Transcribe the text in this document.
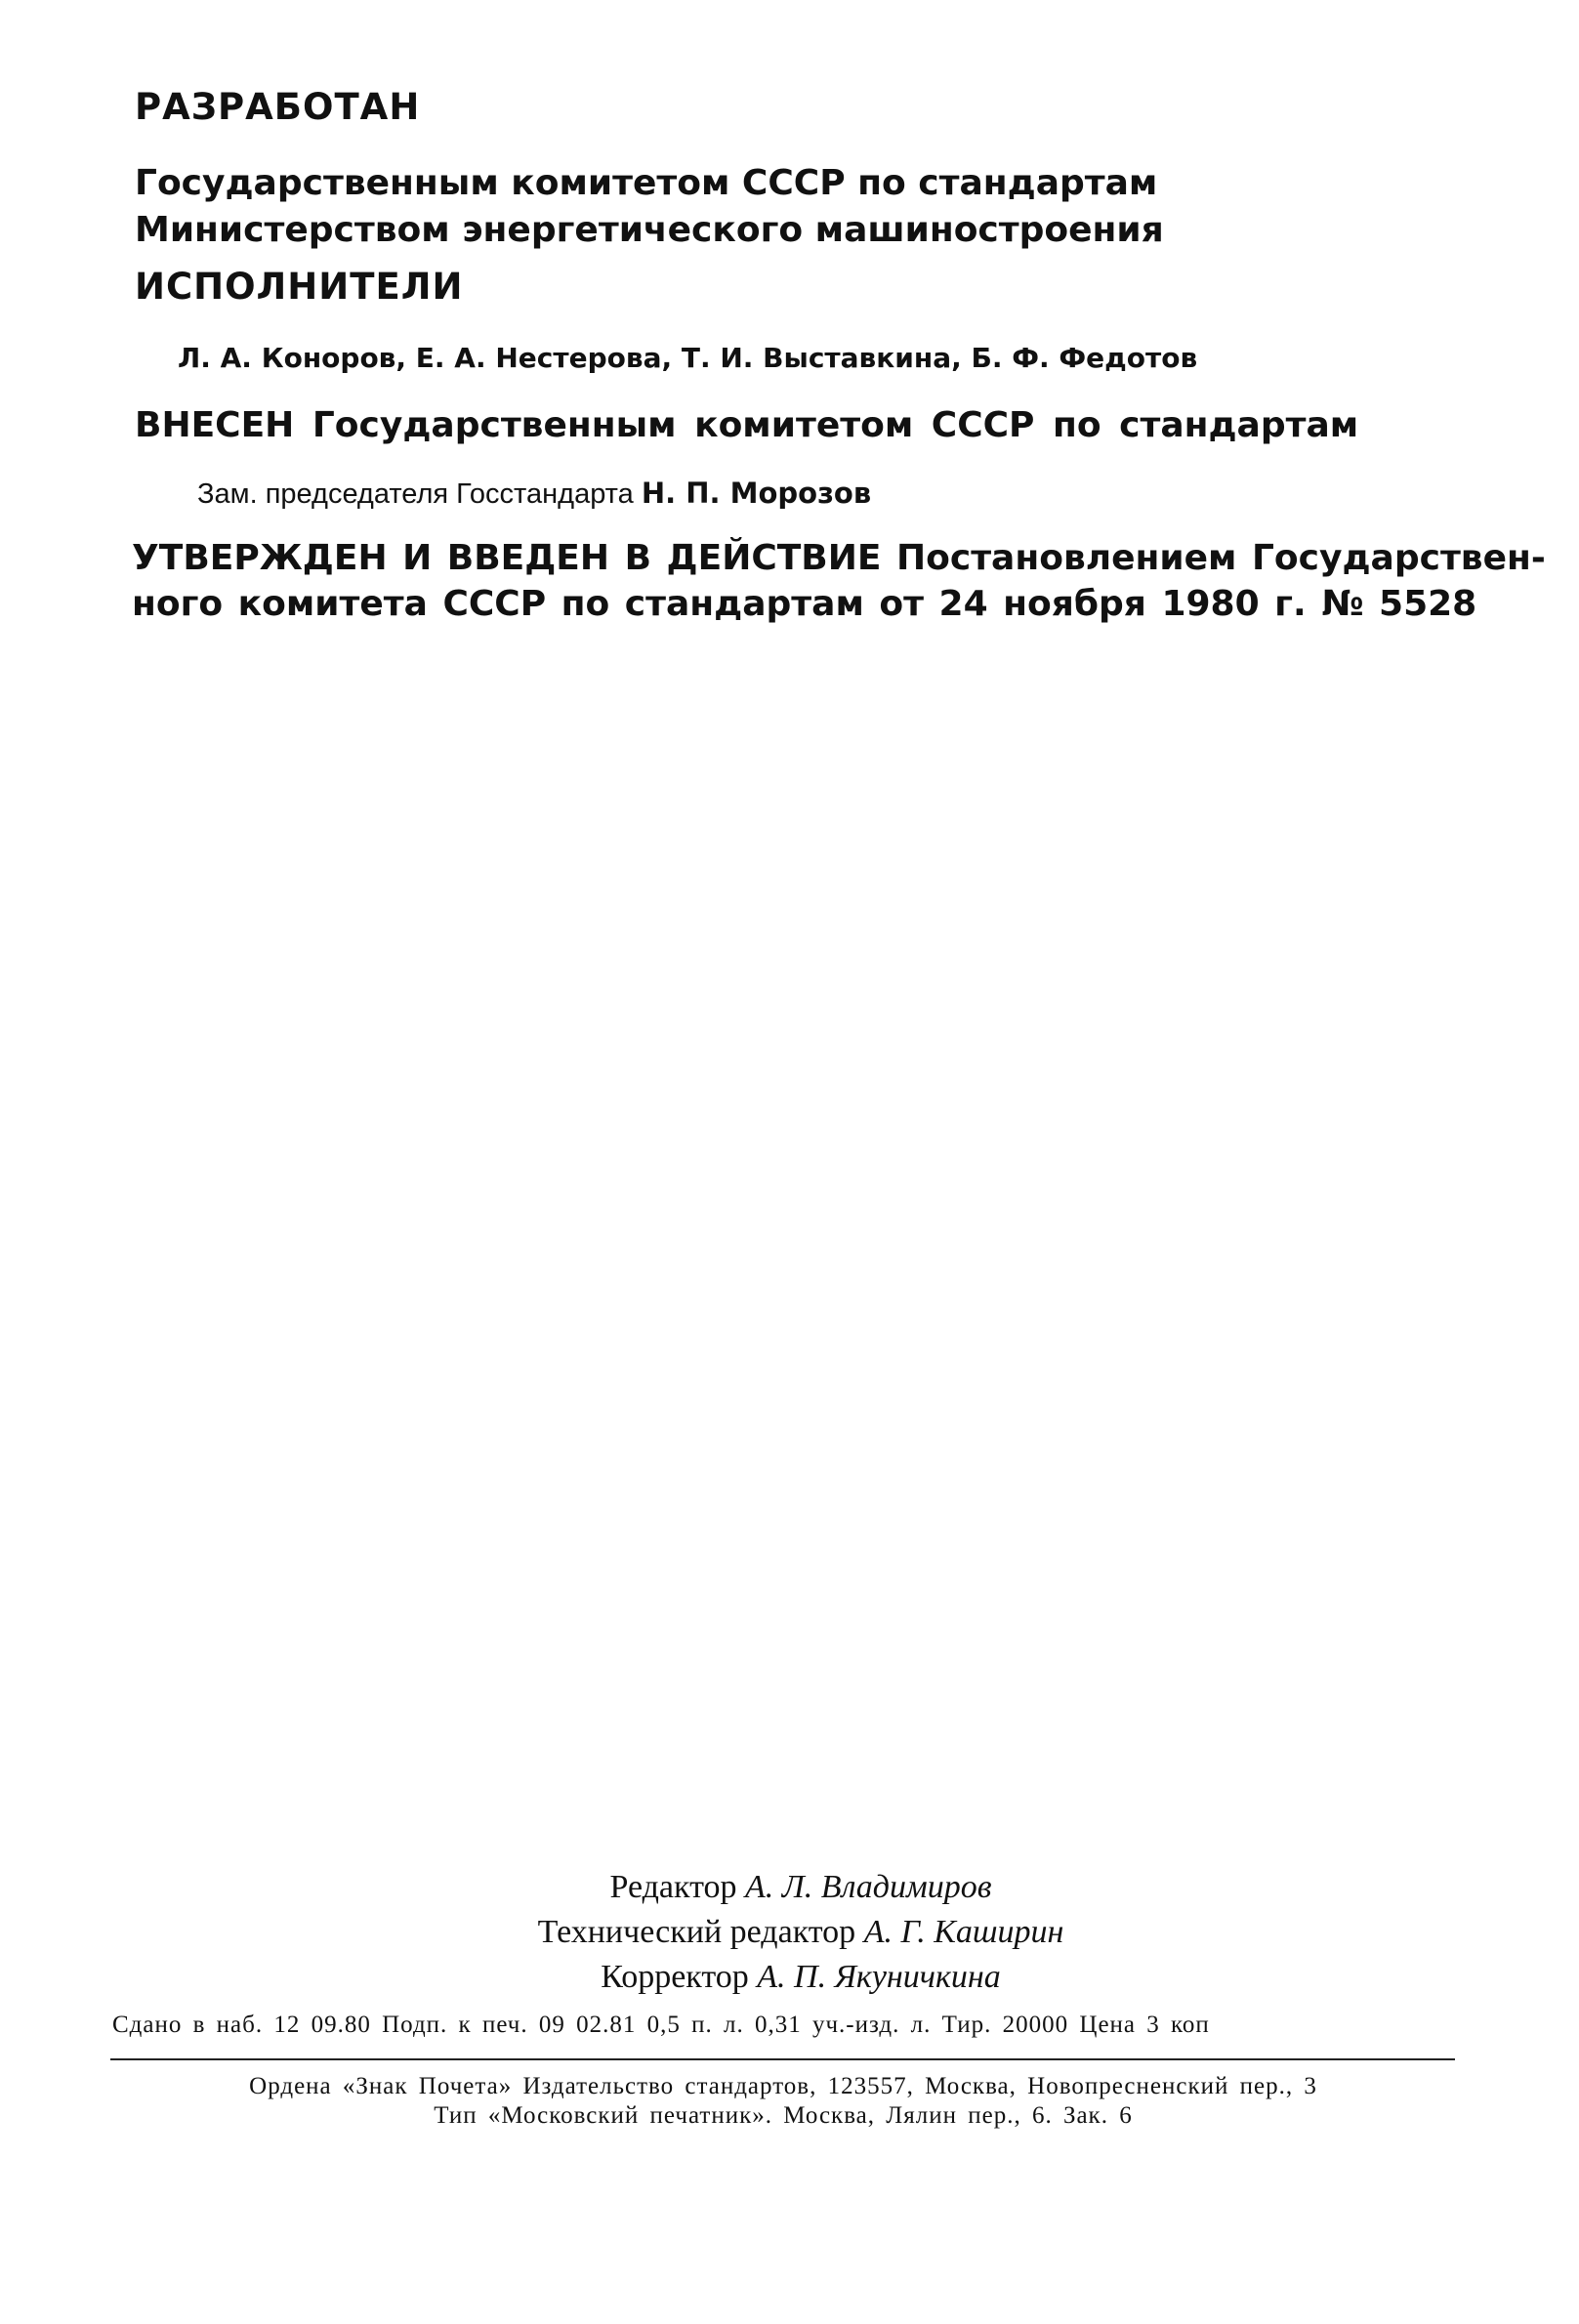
РАЗРАБОТАН
Государственным комитетом СССР по стандартам
Министерством энергетического машиностроения
ИСПОЛНИТЕЛИ
Л. А. Коноров, Е. А. Нестерова, Т. И. Выставкина, Б. Ф. Федотов
ВНЕСЕН Государственным комитетом СССР по стандартам
Зам. председателя Госстандарта Н. П. Морозов
УТВЕРЖДЕН И ВВЕДЕН В ДЕЙСТВИЕ Постановлением Государствен-
ного комитета СССР по стандартам от 24 ноября 1980 г. № 5528
Редактор А. Л. Владимиров
Технический редактор А. Г. Каширин
Корректор А. П. Якуничкина
Сдано в наб. 12 09.80 Подп. к печ. 09 02.81 0,5 п. л. 0,31 уч.-изд. л. Тир. 20000 Цена 3 коп
Ордена «Знак Почета» Издательство стандартов, 123557, Москва, Новопресненский пер., 3
Тип «Московский печатник». Москва, Лялин пер., 6. Зак. 6
